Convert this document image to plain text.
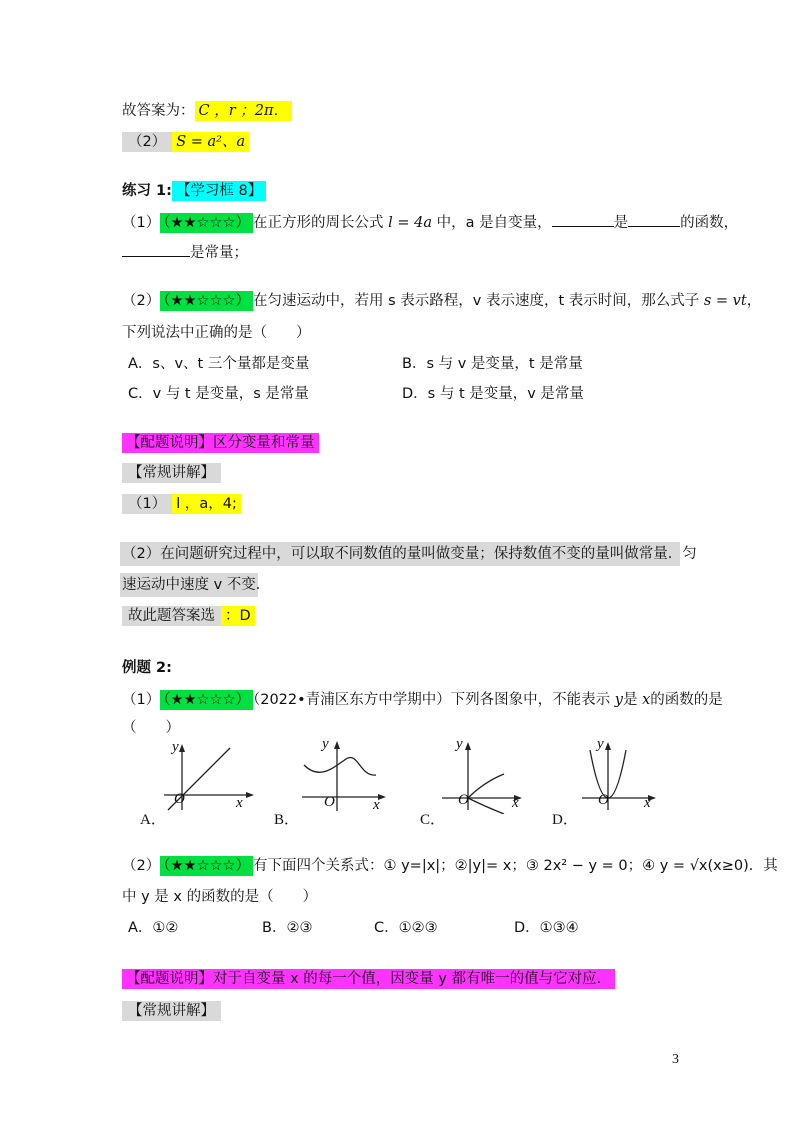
故答案为： C ，r ；2π．
（2） S = a²、a
练习 1: 【学习框 8】
（1） （★★☆☆☆） 在正方形的周长公式 l = 4a 中，a 是自变量，	是	的函数，
是常量；
（2） （★★☆☆☆） 在匀速运动中，若用 s 表示路程，v 表示速度，t 表示时间，那么式子 s = vt，
下列说法中正确的是（　　）
A．s、v、t 三个量都是变量	B．s 与 v 是变量，t 是常量
C．v 与 t 是变量，s 是常量	D．s 与 t 是变量，v 是常量
【配题说明】区分变量和常量
【常规讲解】
（1） l ，a，4;
（2）在问题研究过程中，可以取不同数值的量叫做变量；保持数值不变的量叫做常量．匀
速运动中速度 v 不变．
故此题答案选 ：D
例题 2:
（1） （★★☆☆☆） （2022•青浦区东方中学期中）下列各图象中，不能表示 y是 x的函数的是
（　　）
y
x
O
A．
y
x
O
B．
y
x
O
C．
y
x
O
D．
（2） （★★☆☆☆） 有下面四个关系式：① y=|x|；②|y|= x；③ 2x² − y = 0；④ y = √x(x≥0)．其
中 y 是 x 的函数的是（　　）
A．①②	B．②③	C．①②③	D．①③④
【配题说明】对于自变量 x 的每一个值，因变量 y 都有唯一的值与它对应．
【常规讲解】
3
